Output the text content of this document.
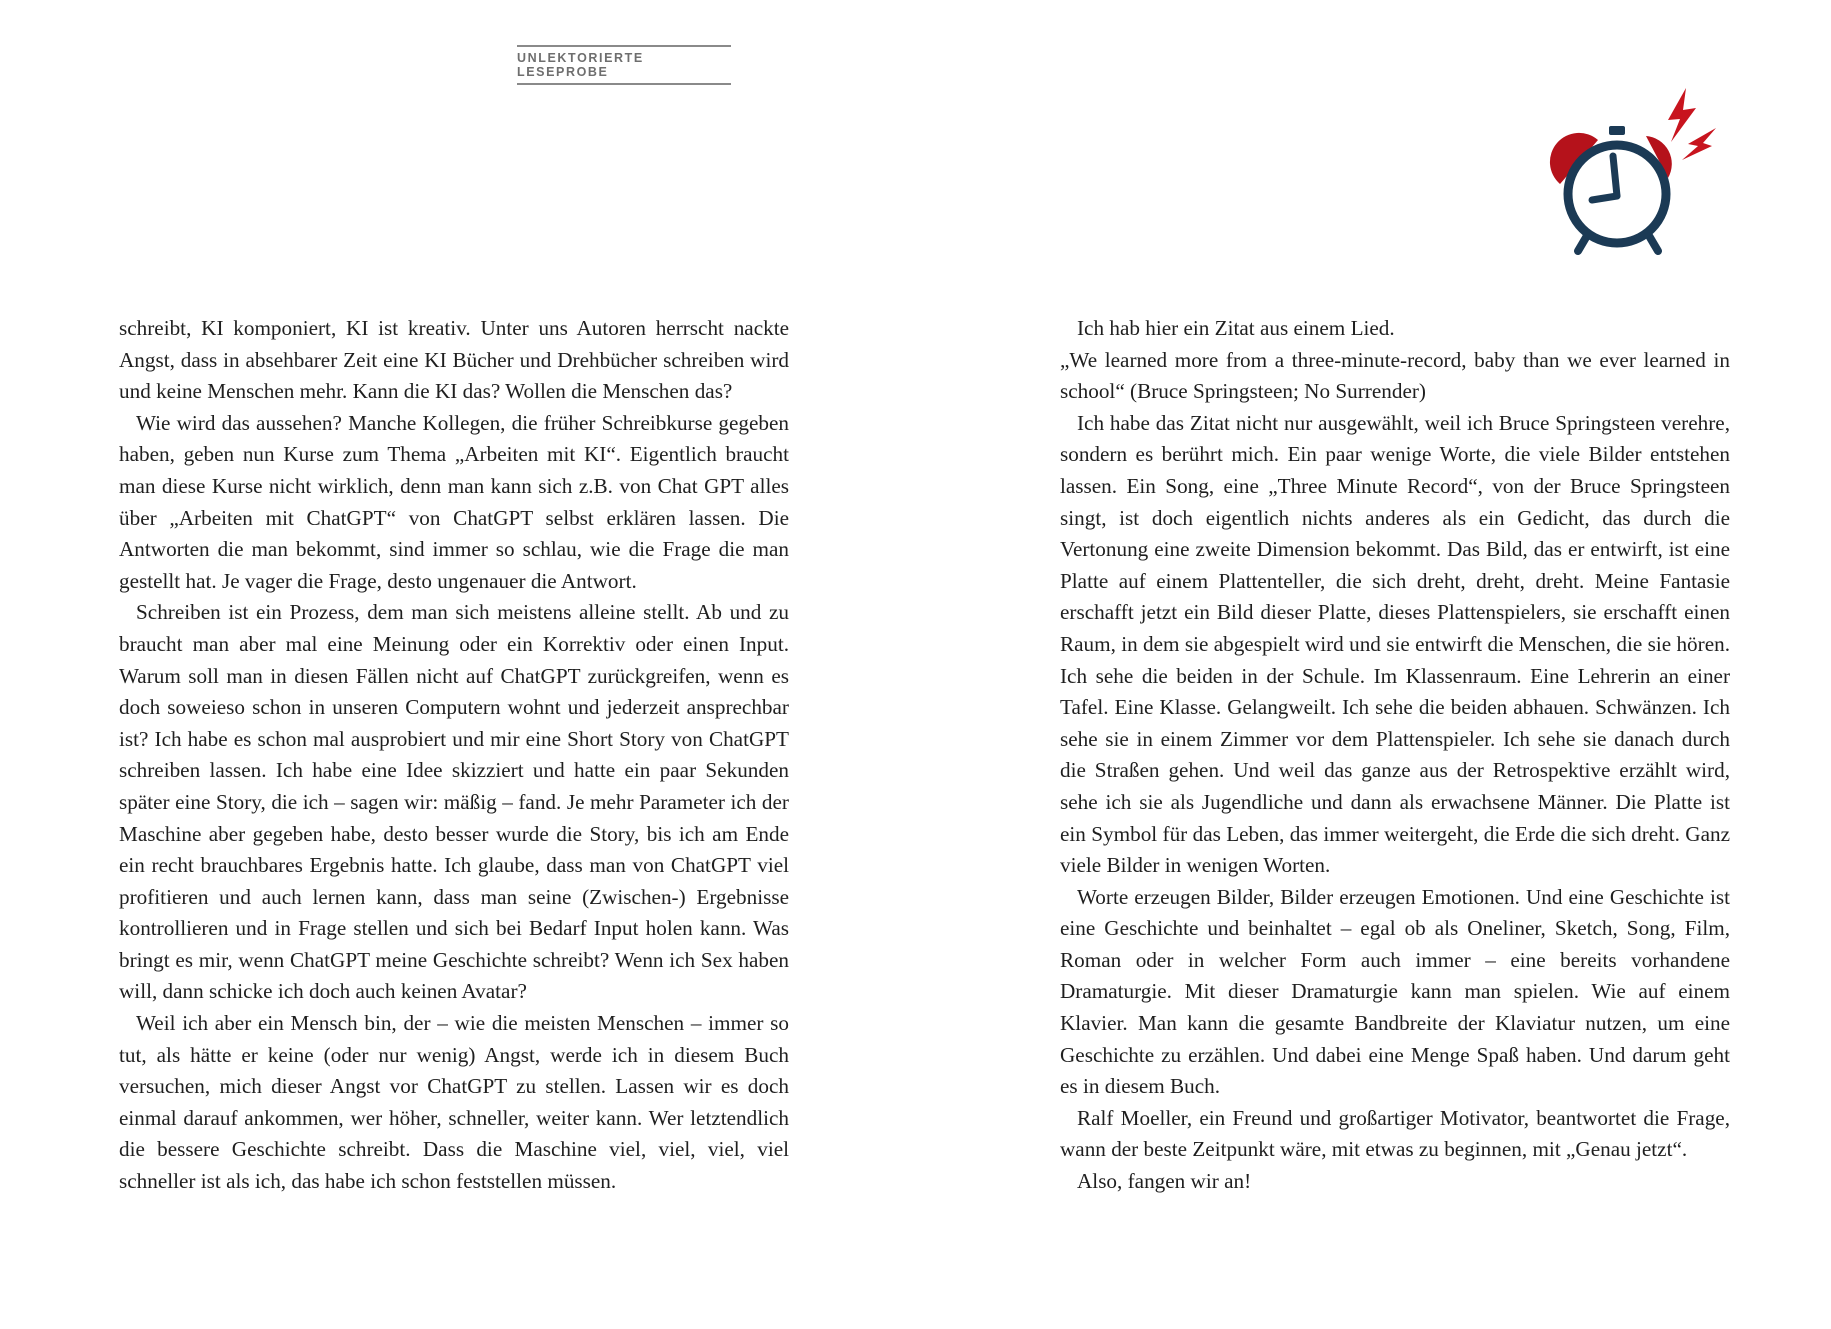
UNLEKTORIERTE LESEPROBE

schreibt, KI komponiert, KI ist kreativ. Unter uns Autoren herrscht nackte Angst, dass in absehbarer Zeit eine KI Bücher und Drehbücher schreiben wird und keine Menschen mehr. Kann die KI das? Wollen die Menschen das?

Wie wird das aussehen? Manche Kollegen, die früher Schreibkurse gegeben haben, geben nun Kurse zum Thema „Arbeiten mit KI“. Eigentlich braucht man diese Kurse nicht wirklich, denn man kann sich z.B. von Chat GPT alles über „Arbeiten mit ChatGPT“ von ChatGPT selbst erklären lassen. Die Antworten die man bekommt, sind immer so schlau, wie die Frage die man gestellt hat. Je vager die Frage, desto ungenauer die Antwort.

Schreiben ist ein Prozess, dem man sich meistens alleine stellt. Ab und zu braucht man aber mal eine Meinung oder ein Korrektiv oder einen Input. Warum soll man in diesen Fällen nicht auf ChatGPT zurückgreifen, wenn es doch soweieso schon in unseren Computern wohnt und jederzeit ansprechbar ist? Ich habe es schon mal ausprobiert und mir eine Short Story von ChatGPT schreiben lassen. Ich habe eine Idee skizziert und hatte ein paar Sekunden später eine Story, die ich – sagen wir: mäßig – fand. Je mehr Parameter ich der Maschine aber gegeben habe, desto besser wurde die Story, bis ich am Ende ein recht brauchbares Ergebnis hatte. Ich glaube, dass man von ChatGPT viel profitieren und auch lernen kann, dass man seine (Zwischen-) Ergebnisse kontrollieren und in Frage stellen und sich bei Bedarf Input holen kann. Was bringt es mir, wenn ChatGPT meine Geschichte schreibt? Wenn ich Sex haben will, dann schicke ich doch auch keinen Avatar?

Weil ich aber ein Mensch bin, der – wie die meisten Menschen – immer so tut, als hätte er keine (oder nur wenig) Angst, werde ich in diesem Buch versuchen, mich dieser Angst vor ChatGPT zu stellen. Lassen wir es doch einmal darauf ankommen, wer höher, schneller, weiter kann. Wer letztendlich die bessere Geschichte schreibt. Dass die Maschine viel, viel, viel, viel schneller ist als ich, das habe ich schon feststellen müssen.

Ich hab hier ein Zitat aus einem Lied.

„We learned more from a three-minute-record, baby than we ever learned in school“ (Bruce Springsteen; No Surrender)

Ich habe das Zitat nicht nur ausgewählt, weil ich Bruce Springsteen verehre, sondern es berührt mich. Ein paar wenige Worte, die viele Bilder entstehen lassen. Ein Song, eine „Three Minute Record“, von der Bruce Springsteen singt, ist doch eigentlich nichts anderes als ein Gedicht, das durch die Vertonung eine zweite Dimension bekommt. Das Bild, das er entwirft, ist eine Platte auf einem Plattenteller, die sich dreht, dreht, dreht. Meine Fantasie erschafft jetzt ein Bild dieser Platte, dieses Plattenspielers, sie erschafft einen Raum, in dem sie abgespielt wird und sie entwirft die Menschen, die sie hören. Ich sehe die beiden in der Schule. Im Klassenraum. Eine Lehrerin an einer Tafel. Eine Klasse. Gelangweilt. Ich sehe die beiden abhauen. Schwänzen. Ich sehe sie in einem Zimmer vor dem Plattenspieler. Ich sehe sie danach durch die Straßen gehen. Und weil das ganze aus der Retrospektive erzählt wird, sehe ich sie als Jugendliche und dann als erwachsene Männer. Die Platte ist ein Symbol für das Leben, das immer weitergeht, die Erde die sich dreht. Ganz viele Bilder in wenigen Worten.

Worte erzeugen Bilder, Bilder erzeugen Emotionen. Und eine Geschichte ist eine Geschichte und beinhaltet – egal ob als Oneliner, Sketch, Song, Film, Roman oder in welcher Form auch immer – eine bereits vorhandene Dramaturgie. Mit dieser Dramaturgie kann man spielen. Wie auf einem Klavier. Man kann die gesamte Bandbreite der Klaviatur nutzen, um eine Geschichte zu erzählen. Und dabei eine Menge Spaß haben. Und darum geht es in diesem Buch.

Ralf Moeller, ein Freund und großartiger Motivator, beantwortet die Frage, wann der beste Zeitpunkt wäre, mit etwas zu beginnen, mit „Genau jetzt“.

Also, fangen wir an!
